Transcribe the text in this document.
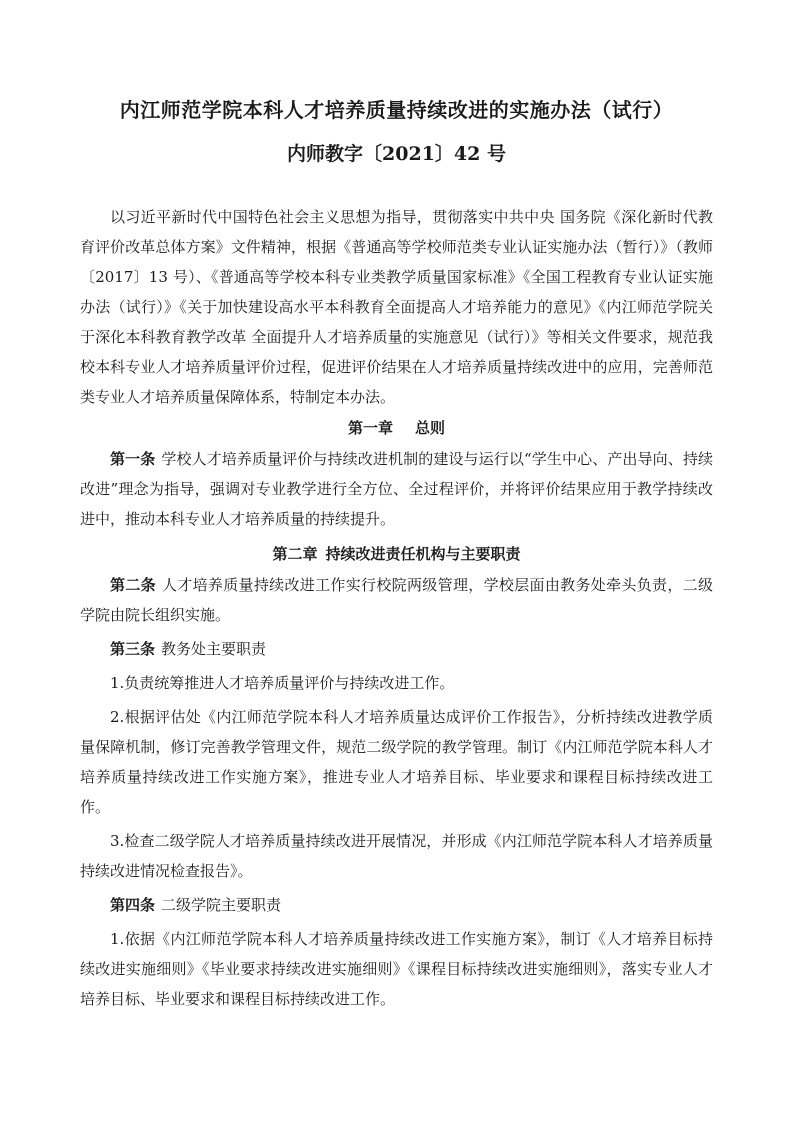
内江师范学院本科人才培养质量持续改进的实施办法（试行）
内师教字〔2021〕42 号

以习近平新时代中国特色社会主义思想为指导，贯彻落实中共中央 国务院《深化新时代教育评价改革总体方案》文件精神，根据《普通高等学校师范类专业认证实施办法（暂行）》（教师〔2017〕13 号）、《普通高等学校本科专业类教学质量国家标准》《全国工程教育专业认证实施办法（试行）》《关于加快建设高水平本科教育全面提高人才培养能力的意见》《内江师范学院关于深化本科教育教学改革 全面提升人才培养质量的实施意见（试行）》等相关文件要求，规范我校本科专业人才培养质量评价过程，促进评价结果在人才培养质量持续改进中的应用，完善师范类专业人才培养质量保障体系，特制定本办法。

第一章 总则

第一条 学校人才培养质量评价与持续改进机制的建设与运行以“学生中心、产出导向、持续改进”理念为指导，强调对专业教学进行全方位、全过程评价，并将评价结果应用于教学持续改进中，推动本科专业人才培养质量的持续提升。

第二章 持续改进责任机构与主要职责

第二条 人才培养质量持续改进工作实行校院两级管理，学校层面由教务处牵头负责，二级学院由院长组织实施。

第三条 教务处主要职责

1.负责统筹推进人才培养质量评价与持续改进工作。

2.根据评估处《内江师范学院本科人才培养质量达成评价工作报告》，分析持续改进教学质量保障机制，修订完善教学管理文件，规范二级学院的教学管理。制订《内江师范学院本科人才培养质量持续改进工作实施方案》，推进专业人才培养目标、毕业要求和课程目标持续改进工作。

3.检查二级学院人才培养质量持续改进开展情况，并形成《内江师范学院本科人才培养质量持续改进情况检查报告》。

第四条 二级学院主要职责

1.依据《内江师范学院本科人才培养质量持续改进工作实施方案》，制订《人才培养目标持续改进实施细则》《毕业要求持续改进实施细则》《课程目标持续改进实施细则》，落实专业人才培养目标、毕业要求和课程目标持续改进工作。
